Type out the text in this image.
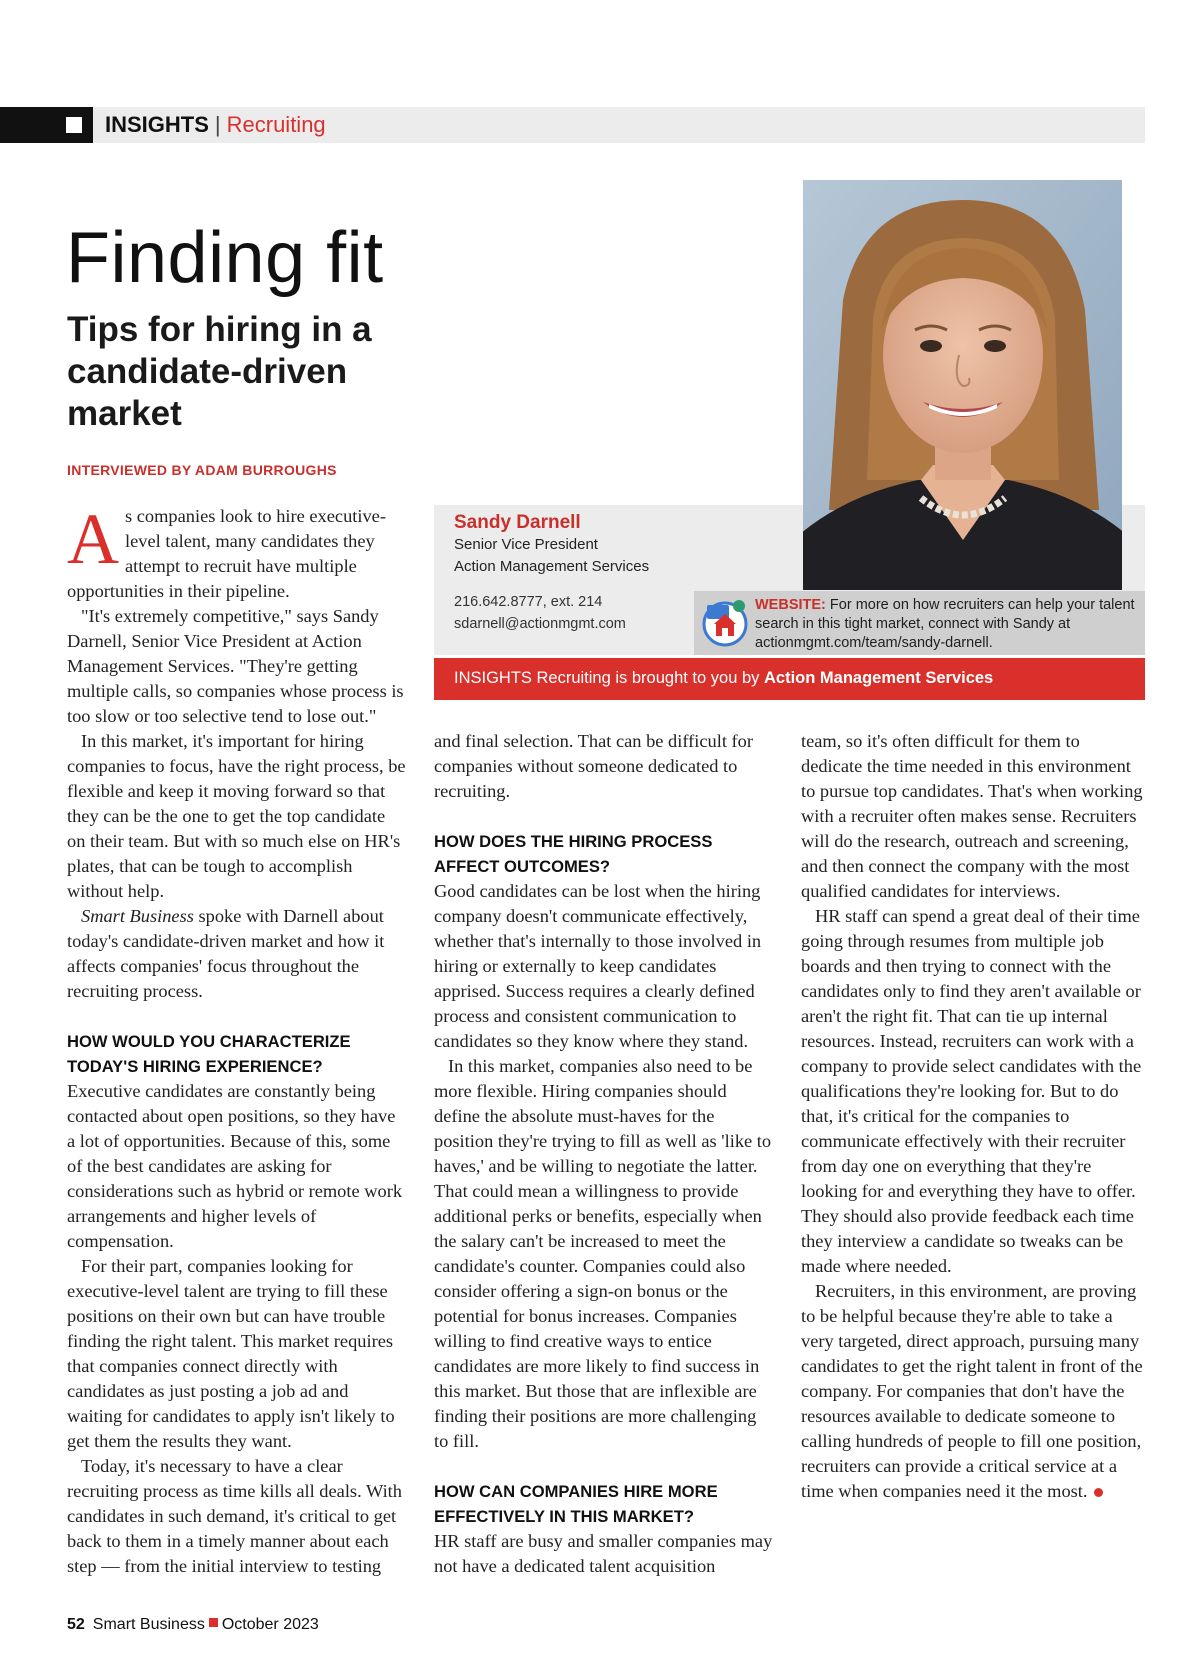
INSIGHTS | Recruiting
Finding fit
Tips for hiring in a candidate-driven market
INTERVIEWED BY ADAM BURROUGHS
Sandy Darnell
Senior Vice President
Action Management Services
216.642.8777, ext. 214
sdarnell@actionmgmt.com
WEBSITE: For more on how recruiters can help your talent search in this tight market, connect with Sandy at actionmgmt.com/team/sandy-darnell.
INSIGHTS Recruiting is brought to you by Action Management Services
A s companies look to hire executive-level talent, many candidates they attempt to recruit have multiple opportunities in their pipeline.

"It's extremely competitive," says Sandy Darnell, Senior Vice President at Action Management Services. "They're getting multiple calls, so companies whose process is too slow or too selective tend to lose out."

In this market, it's important for hiring companies to focus, have the right process, be flexible and keep it moving forward so that they can be the one to get the top candidate on their team. But with so much else on HR's plates, that can be tough to accomplish without help.

Smart Business spoke with Darnell about today's candidate-driven market and how it affects companies' focus throughout the recruiting process.

HOW WOULD YOU CHARACTERIZE TODAY'S HIRING EXPERIENCE?

Executive candidates are constantly being contacted about open positions, so they have a lot of opportunities. Because of this, some of the best candidates are asking for considerations such as hybrid or remote work arrangements and higher levels of compensation.

For their part, companies looking for executive-level talent are trying to fill these positions on their own but can have trouble finding the right talent. This market requires that companies connect directly with candidates as just posting a job ad and waiting for candidates to apply isn't likely to get them the results they want.

Today, it's necessary to have a clear recruiting process as time kills all deals. With candidates in such demand, it's critical to get back to them in a timely manner about each step — from the initial interview to testing

and final selection. That can be difficult for companies without someone dedicated to recruiting.

HOW DOES THE HIRING PROCESS AFFECT OUTCOMES?

Good candidates can be lost when the hiring company doesn't communicate effectively, whether that's internally to those involved in hiring or externally to keep candidates apprised. Success requires a clearly defined process and consistent communication to candidates so they know where they stand.

In this market, companies also need to be more flexible. Hiring companies should define the absolute must-haves for the position they're trying to fill as well as 'like to haves,' and be willing to negotiate the latter. That could mean a willingness to provide additional perks or benefits, especially when the salary can't be increased to meet the candidate's counter. Companies could also consider offering a sign-on bonus or the potential for bonus increases. Companies willing to find creative ways to entice candidates are more likely to find success in this market. But those that are inflexible are finding their positions are more challenging to fill.

HOW CAN COMPANIES HIRE MORE EFFECTIVELY IN THIS MARKET?

HR staff are busy and smaller companies may not have a dedicated talent acquisition

team, so it's often difficult for them to dedicate the time needed in this environment to pursue top candidates. That's when working with a recruiter often makes sense. Recruiters will do the research, outreach and screening, and then connect the company with the most qualified candidates for interviews.

HR staff can spend a great deal of their time going through resumes from multiple job boards and then trying to connect with the candidates only to find they aren't available or aren't the right fit. That can tie up internal resources. Instead, recruiters can work with a company to provide select candidates with the qualifications they're looking for. But to do that, it's critical for the companies to communicate effectively with their recruiter from day one on everything that they're looking for and everything they have to offer. They should also provide feedback each time they interview a candidate so tweaks can be made where needed.

Recruiters, in this environment, are proving to be helpful because they're able to take a very targeted, direct approach, pursuing many candidates to get the right talent in front of the company. For companies that don't have the resources available to dedicate someone to calling hundreds of people to fill one position, recruiters can provide a critical service at a time when companies need it the most.

52 Smart Business October 2023
